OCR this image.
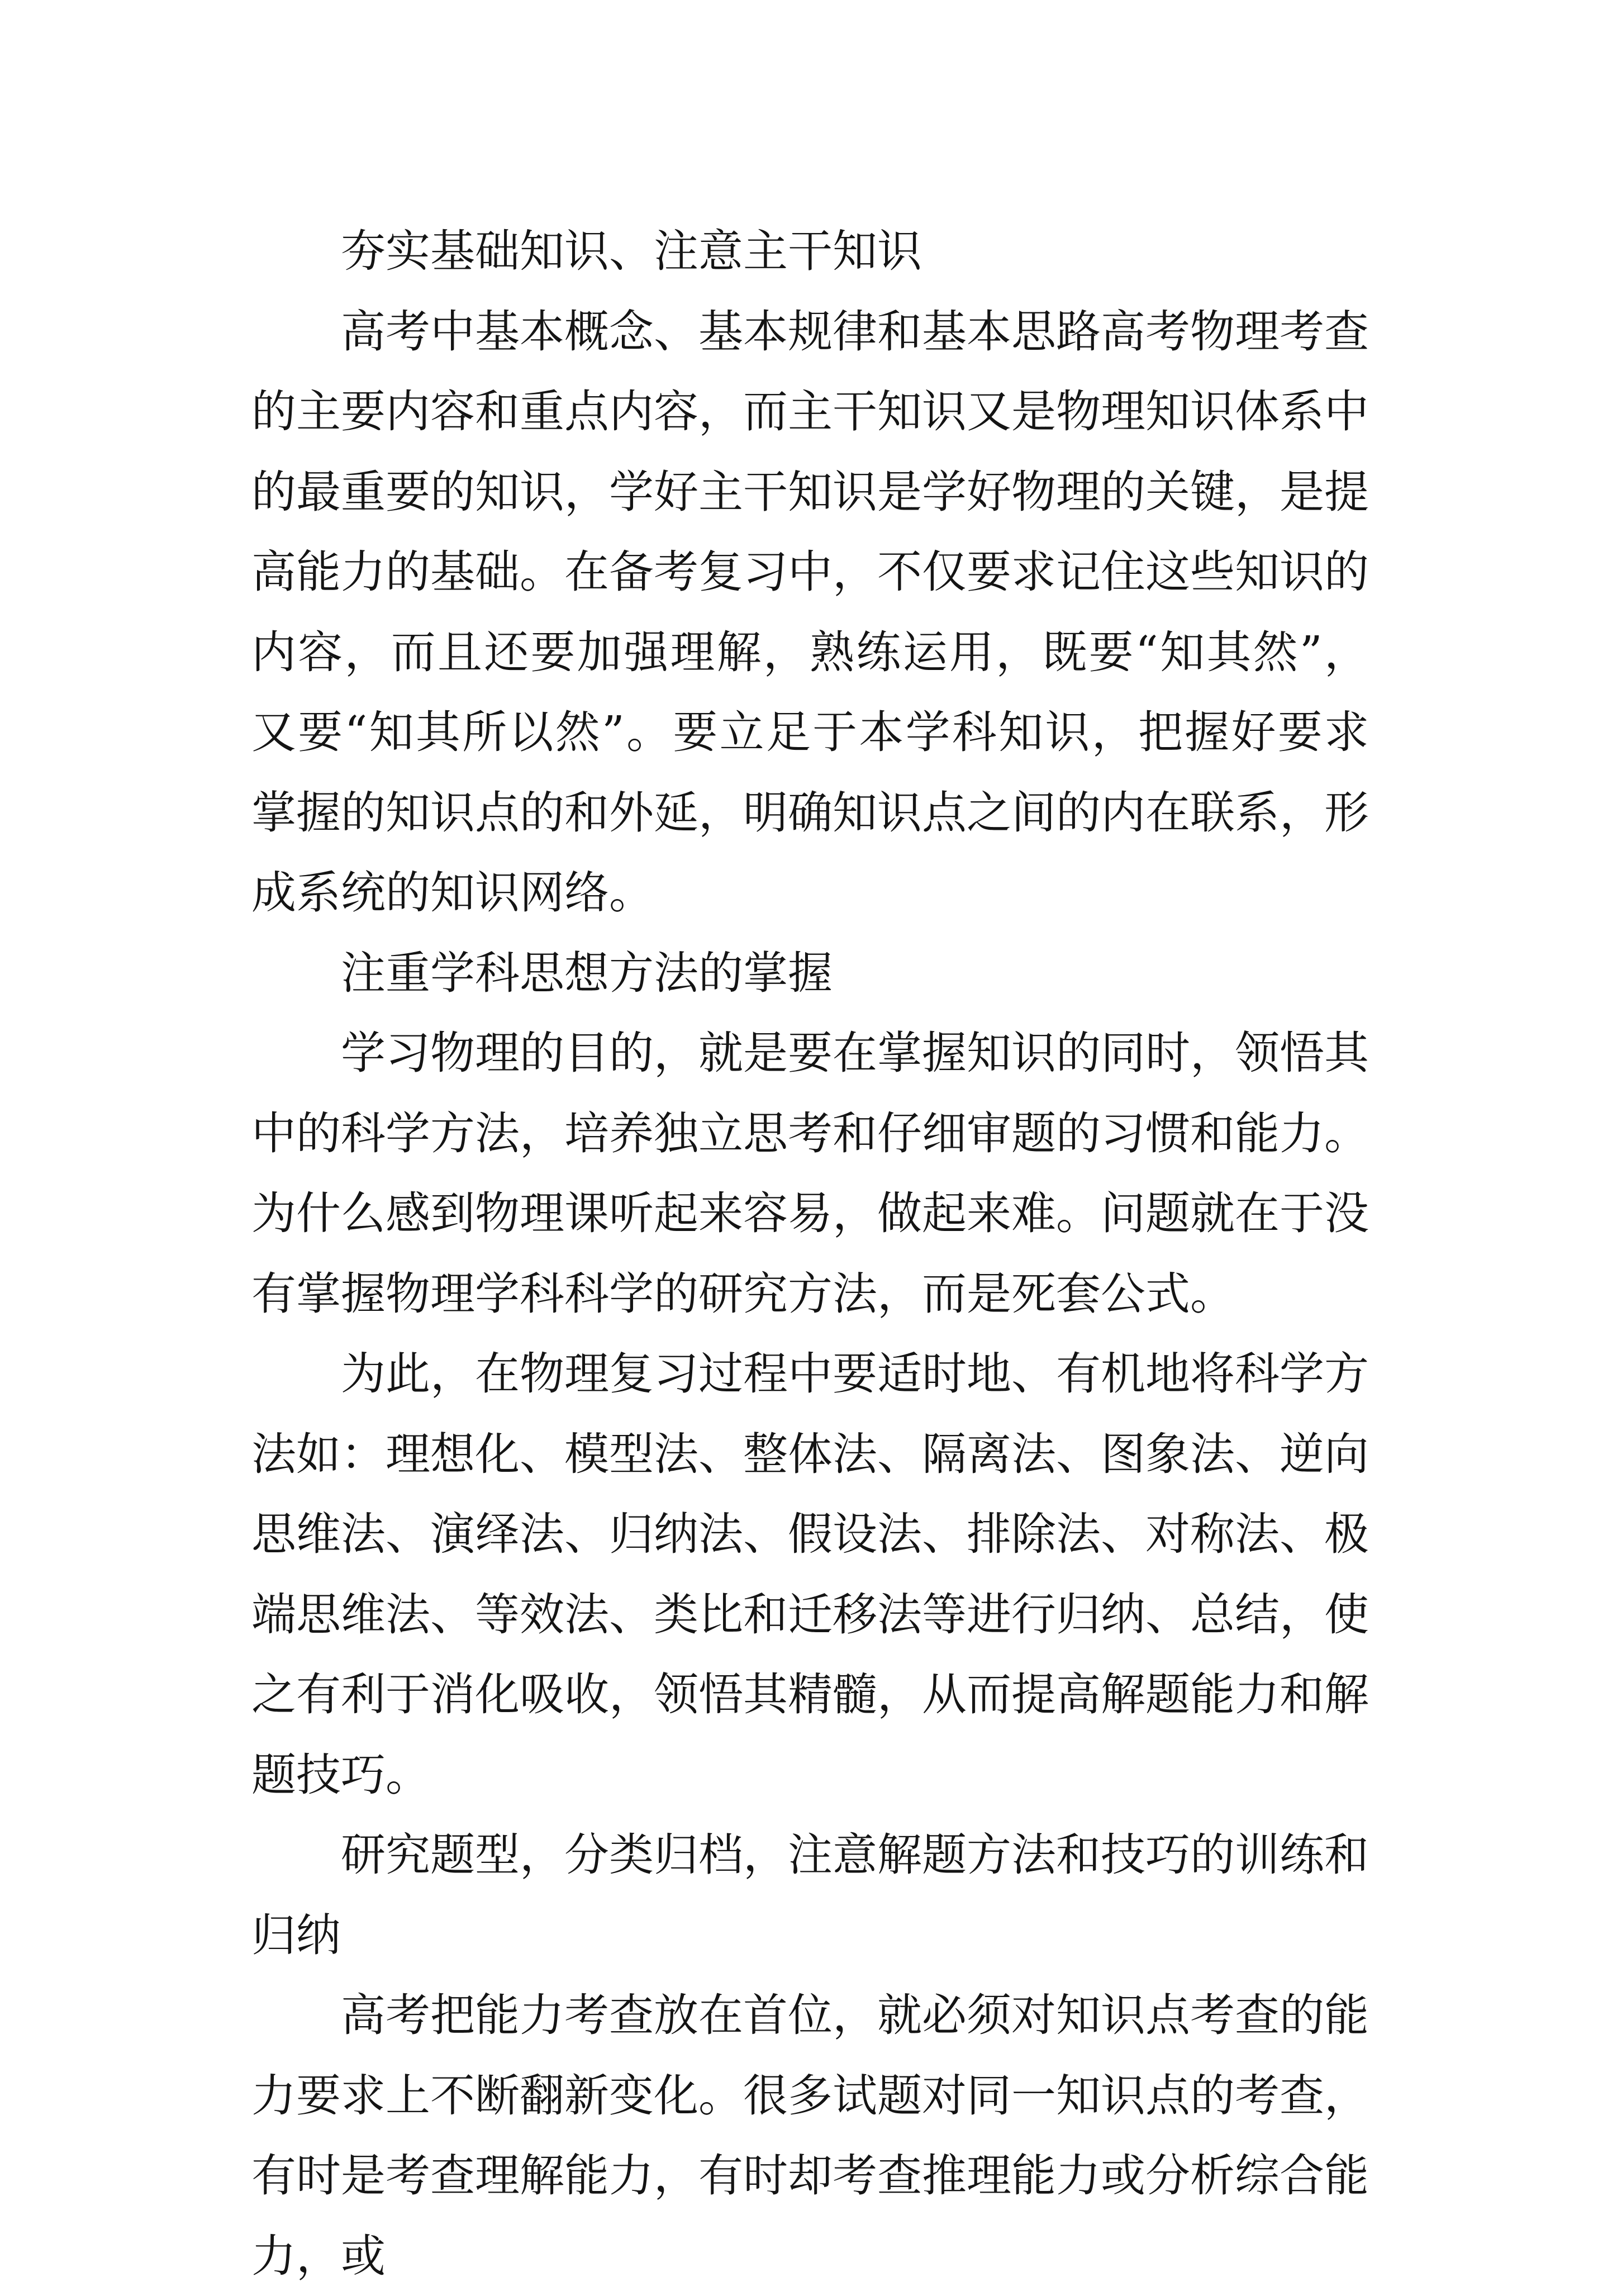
夯实基础知识、注意主干知识

高考中基本概念、基本规律和基本思路高考物理考查的主要内容和重点内容，而主干知识又是物理知识体系中的最重要的知识，学好主干知识是学好物理的关键，是提高能力的基础。在备考复习中，不仅要求记住这些知识的内容，而且还要加强理解，熟练运用，既要“知其然”，又要“知其所以然”。要立足于本学科知识，把握好要求掌握的知识点的和外延，明确知识点之间的内在联系，形成系统的知识网络。

注重学科思想方法的掌握

学习物理的目的，就是要在掌握知识的同时，领悟其中的科学方法，培养独立思考和仔细审题的习惯和能力。为什么感到物理课听起来容易，做起来难。问题就在于没有掌握物理学科科学的研究方法，而是死套公式。

为此，在物理复习过程中要适时地、有机地将科学方法如：理想化、模型法、整体法、隔离法、图象法、逆向思维法、演绎法、归纳法、假设法、排除法、对称法、极端思维法、等效法、类比和迁移法等进行归纳、总结，使之有利于消化吸收，领悟其精髓，从而提高解题能力和解题技巧。

研究题型，分类归档，注意解题方法和技巧的训练和归纳

高考把能力考查放在首位，就必须对知识点考查的能力要求上不断翻新变化。很多试题对同一知识点的考查，有时是考查理解能力，有时却考查推理能力或分析综合能力，或
